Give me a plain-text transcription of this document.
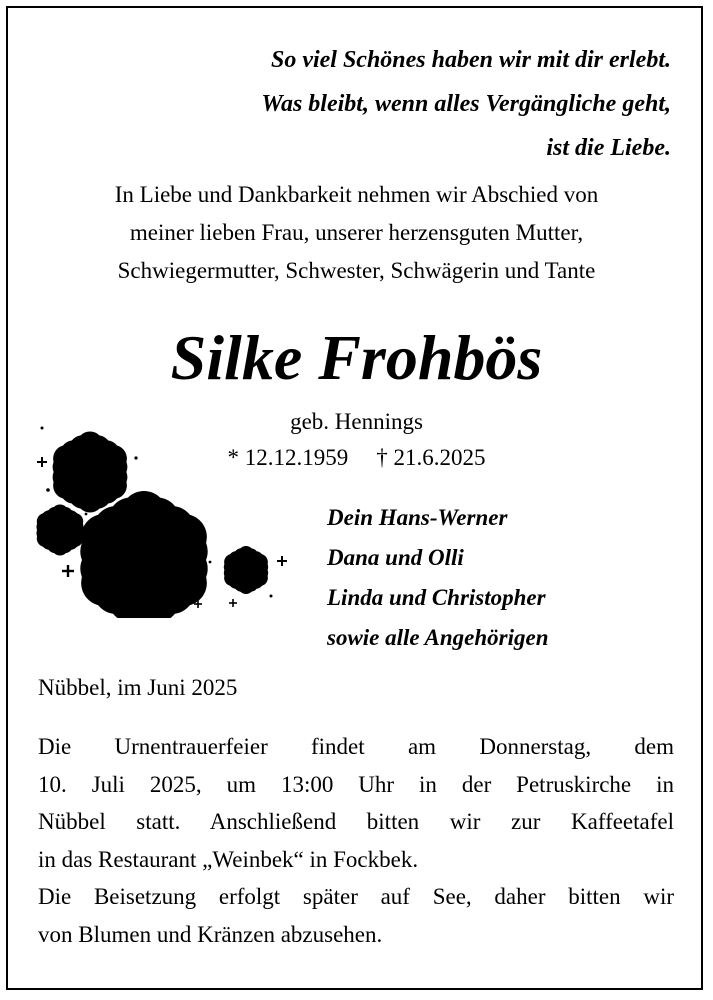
So viel Schönes haben wir mit dir erlebt.
Was bleibt, wenn alles Vergängliche geht,
ist die Liebe.
In Liebe und Dankbarkeit nehmen wir Abschied von
meiner lieben Frau, unserer herzensguten Mutter,
Schwiegermutter, Schwester, Schwägerin und Tante
Silke Frohbös
geb. Hennings
* 12.12.1959 † 21.6.2025
Dein Hans-Werner
Dana und Olli
Linda und Christopher
sowie alle Angehörigen
Nübbel, im Juni 2025

Die Urnentrauerfeier findet am Donnerstag, dem

10. Juli 2025, um 13:00 Uhr in der Petruskirche in

Nübbel statt. Anschließend bitten wir zur Kaffeetafel

in das Restaurant „Weinbek“ in Fockbek.

Die Beisetzung erfolgt später auf See, daher bitten wir

von Blumen und Kränzen abzusehen.
